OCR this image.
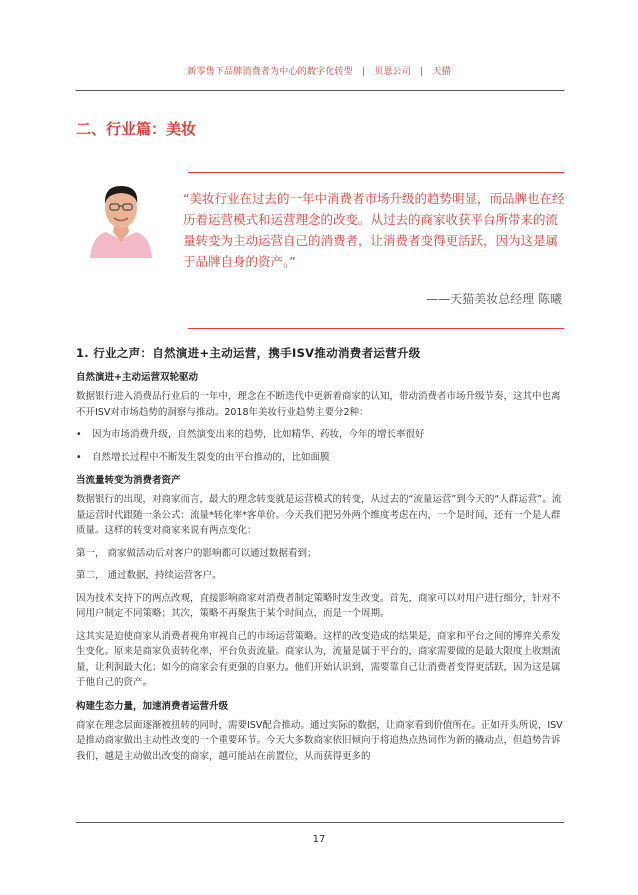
新零售下品牌消费者为中心的数字化转型 | 贝恩公司 | 天猫
二、行业篇：美妆
“美妆行业在过去的一年中消费者市场升级的趋势明显，而品牌也在经历着运营模式和运营理念的改变。从过去的商家收获平台所带来的流量转变为主动运营自己的消费者，让消费者变得更活跃，因为这是属于品牌自身的资产。”
——天猫美妆总经理 陈曦
1. 行业之声：自然演进+主动运营，携手ISV推动消费者运营升级
自然演进+主动运营双轮驱动
数据银行进入消费品行业后的一年中，理念在不断迭代中更新着商家的认知，带动消费者市场升级节奏，这其中也离不开ISV对市场趋势的洞察与推动。2018年美妆行业趋势主要分2种：
• 因为市场消费升级，自然演变出来的趋势，比如精华、药妆，今年的增长率很好
• 自然增长过程中不断发生裂变的由平台推动的，比如面膜
当流量转变为消费者资产
数据银行的出现，对商家而言，最大的理念转变就是运营模式的转变，从过去的“流量运营”到今天的“人群运营”。流量运营时代跟随一条公式：流量*转化率*客单价。今天我们把另外两个维度考虑在内，一个是时间，还有一个是人群质量。这样的转变对商家来说有两点变化：
第一， 商家做活动后对客户的影响都可以通过数据看到；
第二， 通过数据，持续运营客户。
因为技术支持下的两点改观，直接影响商家对消费者制定策略时发生改变。首先，商家可以对用户进行细分，针对不同用户制定不同策略；其次，策略不再聚焦于某个时间点，而是一个周期。
这其实是迫使商家从消费者视角审视自己的市场运营策略。这样的改变造成的结果是，商家和平台之间的博弈关系发生变化。原来是商家负责转化率，平台负责流量。商家认为，流量是属于平台的，商家需要做的是最大限度上收割流量，让利润最大化；如今的商家会有更强的自驱力。他们开始认识到，需要靠自己让消费者变得更活跃，因为这是属于他自己的资产。
构建生态力量，加速消费者运营升级
商家在理念层面逐渐被扭转的同时，需要ISV配合推动。通过实际的数据，让商家看到价值所在。正如开头所说，ISV是推动商家做出主动性改变的一个重要环节。今天大多数商家依旧倾向于将追热点热词作为新的撬动点，但趋势告诉我们，越是主动做出改变的商家，越可能站在前置位，从而获得更多的
17
